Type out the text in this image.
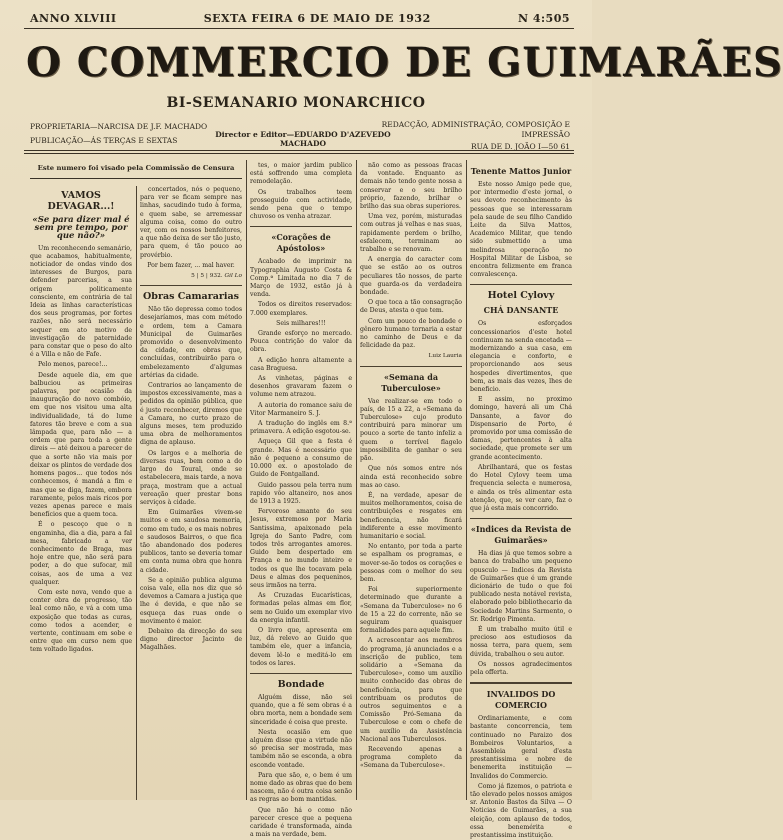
ANNO XLVIII	SEXTA FEIRA 6 DE MAIO DE 1932	N 4:505
O COMMERCIO DE GUIMARÃES
BI-SEMANARIO MONARCHICO
PROPRIETARIA—NARCISA DE J.F. MACHADO
PUBLICAÇÃO—ÁS TERÇAS E SEXTAS
Director e Editor—EDUARDO D'AZEVEDO MACHADO
REDACÇÃO, ADMINISTRAÇÃO, COMPOSIÇÃO E IMPRESSÃO
RUA DE D. JOÃO I—50 61
Este numero foi visado pela Commissão de Censura
VAMOS DEVAGAR...!
«Se para dizer mal é sem pre tempo, por que não?»

Um reconhecendo semanário, que acabamos, habitualmente, noticiador de ondas vindo dos interesses de Burgos, para defender parcerias, a sua origem politicamente consciente, em contrária de tal Ideia as linhas características dos seus programas, por fortes razões, não será necessário sequer em ato motivo de investigação de paternidade para constar que o peso do alto é a Villa e não de Fafe.

Pelo menos, parece!...

Desde aquele dia, em que balbuciou as primeiras palavras, por ocasião da inauguração do novo combóio, em que nos visitou uma alta individualidade, tá do lume fatores tão breve e com a sua lâmpada que, para não — a ordem que para toda a gente direis — até deixou a parecer de que a sorte não via mais por deixar os plintos de verdade dos homens pagos... que todos nós conhecemos, é mandá a fim e mas que se diga, fazem, embora raramente, pelos mais ricos por vezes apenas parece e mais benefícios que a quem toca.

É o pescoço que o n engaminha, dia a dia, para a fal mesa, fabricado a ver conhecimento de Braga, mas hoje entre que, não será para poder, a do que sufocar, mil coisas, aos de uma a vez qualquer.

Com este nova, vendo que a conter obra de progresso, tão leal como não, e vá a com uma exposição que todas as curas, como todos a acender, e vertente, continuam em sobe e entre que em curso nem que tem voltado ligados.

concertados, nós o pequeno, para ver se ficam sempre nas linhas, sacudindo tudo à forma, e quem sabe, se arremessar alguma coisa, como do outro ver, com os nossos benfeitores, a que não deixa de ser tão justo, para quem, é tão pouco ao provérbio.

Por bem fazer, ... mal haver.

5 | 5 | 932. Gil Lo

Obras Camararias

Não tão depressa como todos desejaríamos, mas com método e ordem, tem a Camara Municipal de Guimarães promovido o desenvolvimento da cidade, em obras que, concluídas, contribuirão para o embelezamento d'algumas artérias da cidade.

Contrarios ao lançamento de impostos excessivamente, mas a pedidos da opinião pública, que é justo reconhecer, diremos que a Camara, no curto prazo de alguns meses, tem produzido uma obra de melhoramentos digna de aplauso.

Os largos e a melhoria de diversas ruas, bem como a do largo do Toural, onde se estabelecera, mais tarde, a nova praça, mostram que a actual vereação quer prestar bons serviços à cidade.

Em Guimarães vivem-se muitos e em saudosa memoria, como em tudo, e os mais nobres e saudosos Bairros, o que fica tão abandonado dos poderes publicos, tanto se deveria tomar em conta numa obra que honra a cidade.

Se a opinião publica alguma coisa vale, ella nos diz que só devemos a Camara a justiça que lhe é devida, e que não se esqueça das ruas onde o movimento é maior.

Debaixo da direcção do seu digno director Jacinto de Magalhães.

tes, o maior jardim publico está soffrendo uma completa remodelação.

Os trabalhos teem prosseguido com actividade, sendo pena que o tempo chuvoso os venha atrazar.

«Corações de Apóstolos»

Acabado de imprimir na Typographia Augusto Costa & Comp.ª Limitada no dia 7 de Março de 1932, estão já à venda.

Todos os direitos reservados: 7.000 exemplares.

Seis milhares!!!

Grande esforço no mercado. Pouca contrição do valor da obra.

A edição honra altamente a casa Braguesa.

As vinhetas, páginas e desenhos gravaram fazem o volume nem atrazou.

A autoria do romance saiu de Vitor Marmaneiro S. J.

A tradução do inglês em 8.ª primavera. A edição esgotou-se.

Aqueça Gil que a festa é grande. Mas é necessário que não é pequeno a consumo de 10.000 ex. o apostolado de Guido de Fontgalland.

Guido passou pela terra num rapido vôo altaneiro, nos anos de 1913 a 1925.

Fervoroso amante do seu Jesus, extremoso por Maria Santissima, apaixonado pela Igreja do Santo Padre, com todos três arrogantes amores. Guido bem despertado em França e no mundo inteiro e todos os que lhe tocavam pela Deus e almas dos pequeninos, seus irmãos na terra.

As Cruzadas Eucarísticas, formadas pelas almas em flor, sem no Guido um exemplar vivo da energia infantil.

O livro que, apresenta em luz, dá relevo ao Guido que também ele, quer a infancia, devem lê-lo e meditá-lo em todos os lares.

Bondade

Alguém disse, não sei quando, que a fé sem obras é a obra morta, nem a bondade sem sinceridade é coisa que preste.

Nesta ocasião em que alguém disse que a virtude não só precisa ser mostrada, mas também não se esconda, a obra esconde vontade.

Para que são, e, o bem é um nome dado as obras que do bem nascem, não é outra coisa senão as regras ao bom mantidas.

Que não há o como não parecer cresce que a pequena caridade é transformada, ainda a mais na verdade, bem.

não como as pessoas fracas da vontade. Enquanto as demais não tendo gente nossa a conservar e o seu brilho próprio, fazendo, brilhar o brilho das sua obras superiores.

Uma vez, porém, misturadas com outras já velhas e nas suas, rapidamente perdem o brilho, esfalecem, terminam ao trabalho e se renovam.

A energia do caracter com que se estão ao os outros peculiares tão nossos, de parte que guarda-os da verdadeira bondade.

O que toca a tão consagração de Deus, atesta o que tem.

Com um pouco de bondade o gênero humano tornaria a estar no caminho de Deus e da felicidade da paz.

Luiz Lauria

«Semana da Tuberculose»

Vae realizar-se em todo o país, de 15 a 22, a «Semana da Tuberculose» cujo produto contribuirá para minorar um pouco a sorte de tanto infeliz a quem o terrível flagelo impossibilita de ganhar o seu pão.

Que nós somos entre nós ainda está reconhecido sobre mas ao caso.

É, na verdade, apesar de muitos melhoramentos, coisa de contribuições e resgates em beneficencia, não ficará indiferente a esse movimento humanitario e social.

No entanto, por toda a parte se espalham os programas, e mover-se-ão todos os corações e pessoas com o melhor do seu bem.

Foi superiormente determinado que durante a «Semana da Tuberculose» no 6 de 15 a 22 do corrente, não se seguiram quaisquer formalidades para aquele fim.

A acrescentar aos membros do programa, já anunciados e a inscrição de publico, tem solidário a «Semana da Tuberculose», como um auxílio muito conhecido das obras de beneficência, para que contribuam os produtos de outros seguimentos e a Comissão Pró-Semana da Tuberculose e com o chefe de um auxílio da Assistência Nacional aos Tuberculosos.

Recevendo apenas a programa completo da «Semana da Tuberculose».

Tenente Mattos Junior

Este nosso Amigo pede que, por intermedio d'este jornal, o seu devoto reconhecimento às pessoas que se interessaram pela saude de seu filho Candido Leite da Silva Mattos, Academico Militar, que tendo sido submettido a uma melindrosa operação no Hospital Militar de Lisboa, se encontra felizmente em franca convalescença.

Hotel Cylovy
CHÁ DANSANTE

Os esforçados concessionarios d'este hotel continuam na senda encetada — modernizando a sua casa, em elegancia e conforto, e proporcionando aos seus hospedes divertimentos, que bem, as mais das vezes, lhes de beneficio.

E assim, no proximo domingo, haverá ali um Chá Dansante, a favor do Dispensario de Porto, é promovido por uma comissão de damas, pertencentes à alta sociedade, que promete ser um grande acontecimento.

Abrilhantará, que os festas do Hotel Cylovy teem uma frequencia selecta e numerosa, e ainda os três alimentar esta atenção, que, se ver caro, faz o que já esta mais concorrido.

«Indices da Revista de Guimarães»

Ha dias já que temos sobre a banca do trabalho um pequeno opusculo — Indices da Revista de Guimarães que é um grande dicionário de tudo o que foi publicado nesta notável revista, elaborado pelo bibliothecario da Sociedade Martins Sarmento, o Sr. Rodrigo Pimenta.

É um trabalho muito útil e precioso aos estudiosos da nossa terra, para quem, sem dúvida, trabalhou o seu autor.

Os nossos agradecimentos pela offerta.

INVALIDOS DO COMERCIO

Ordinariamente, e com bastante concorrencia, tem continuado no Paraizo dos Bombeiros Voluntarios, a Assembleia geral d'esta prestantissima e nobre de benemerita instituição — Invalidos do Commercio.

Como já fizemos, o patriota e tão elevado pelos nossos amigos sr. Antonio Bastos da Silva — O Noticias de Guimarães, a sua eleição, com aplauso de todos, essa benemérita e prestantissima instituição.
